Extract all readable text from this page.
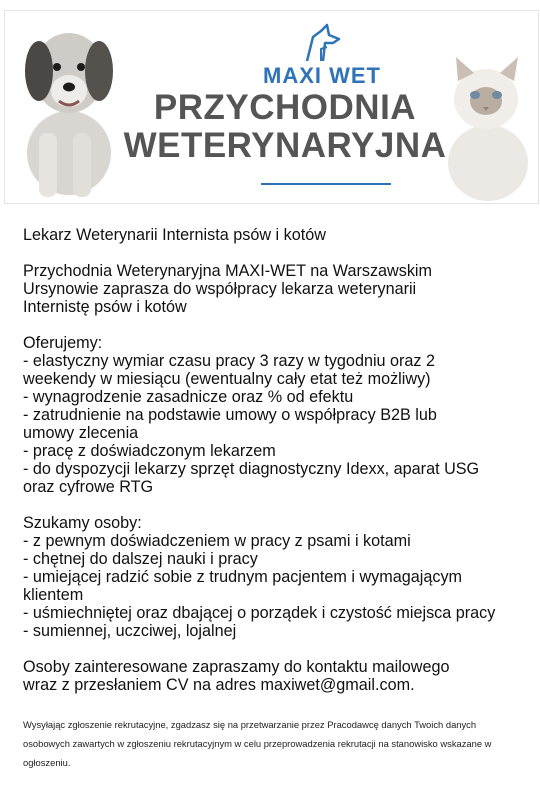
MAXI WET
PRZYCHODNIA
WETERYNARYJNA

Lekarz Weterynarii Internista psów i kotów

Przychodnia Weterynaryjna MAXI-WET na Warszawskim

Ursynowie zaprasza do współpracy lekarza weterynarii

Internistę psów i kotów

Oferujemy:

- elastyczny wymiar czasu pracy 3 razy w tygodniu oraz 2

weekendy w miesiącu (ewentualny cały etat też możliwy)

- wynagrodzenie zasadnicze oraz % od efektu

- zatrudnienie na podstawie umowy o współpracy B2B lub

umowy zlecenia

- pracę z doświadczonym lekarzem

- do dyspozycji lekarzy sprzęt diagnostyczny Idexx, aparat USG

oraz cyfrowe RTG

Szukamy osoby:

- z pewnym doświadczeniem w pracy z psami i kotami

- chętnej do dalszej nauki i pracy

- umiejącej radzić sobie z trudnym pacjentem i wymagającym

klientem

- uśmiechniętej oraz dbającej o porządek i czystość miejsca pracy

- sumiennej, uczciwej, lojalnej

Osoby zainteresowane zapraszamy do kontaktu mailowego

wraz z przesłaniem CV na adres maxiwet@gmail.com.

Wysyłając zgłoszenie rekrutacyjne, zgadzasz się na przetwarzanie przez Pracodawcę danych Twoich danych
osobowych zawartych w zgłoszeniu rekrutacyjnym w celu przeprowadzenia rekrutacji na stanowisko wskazane w
ogłoszeniu.
